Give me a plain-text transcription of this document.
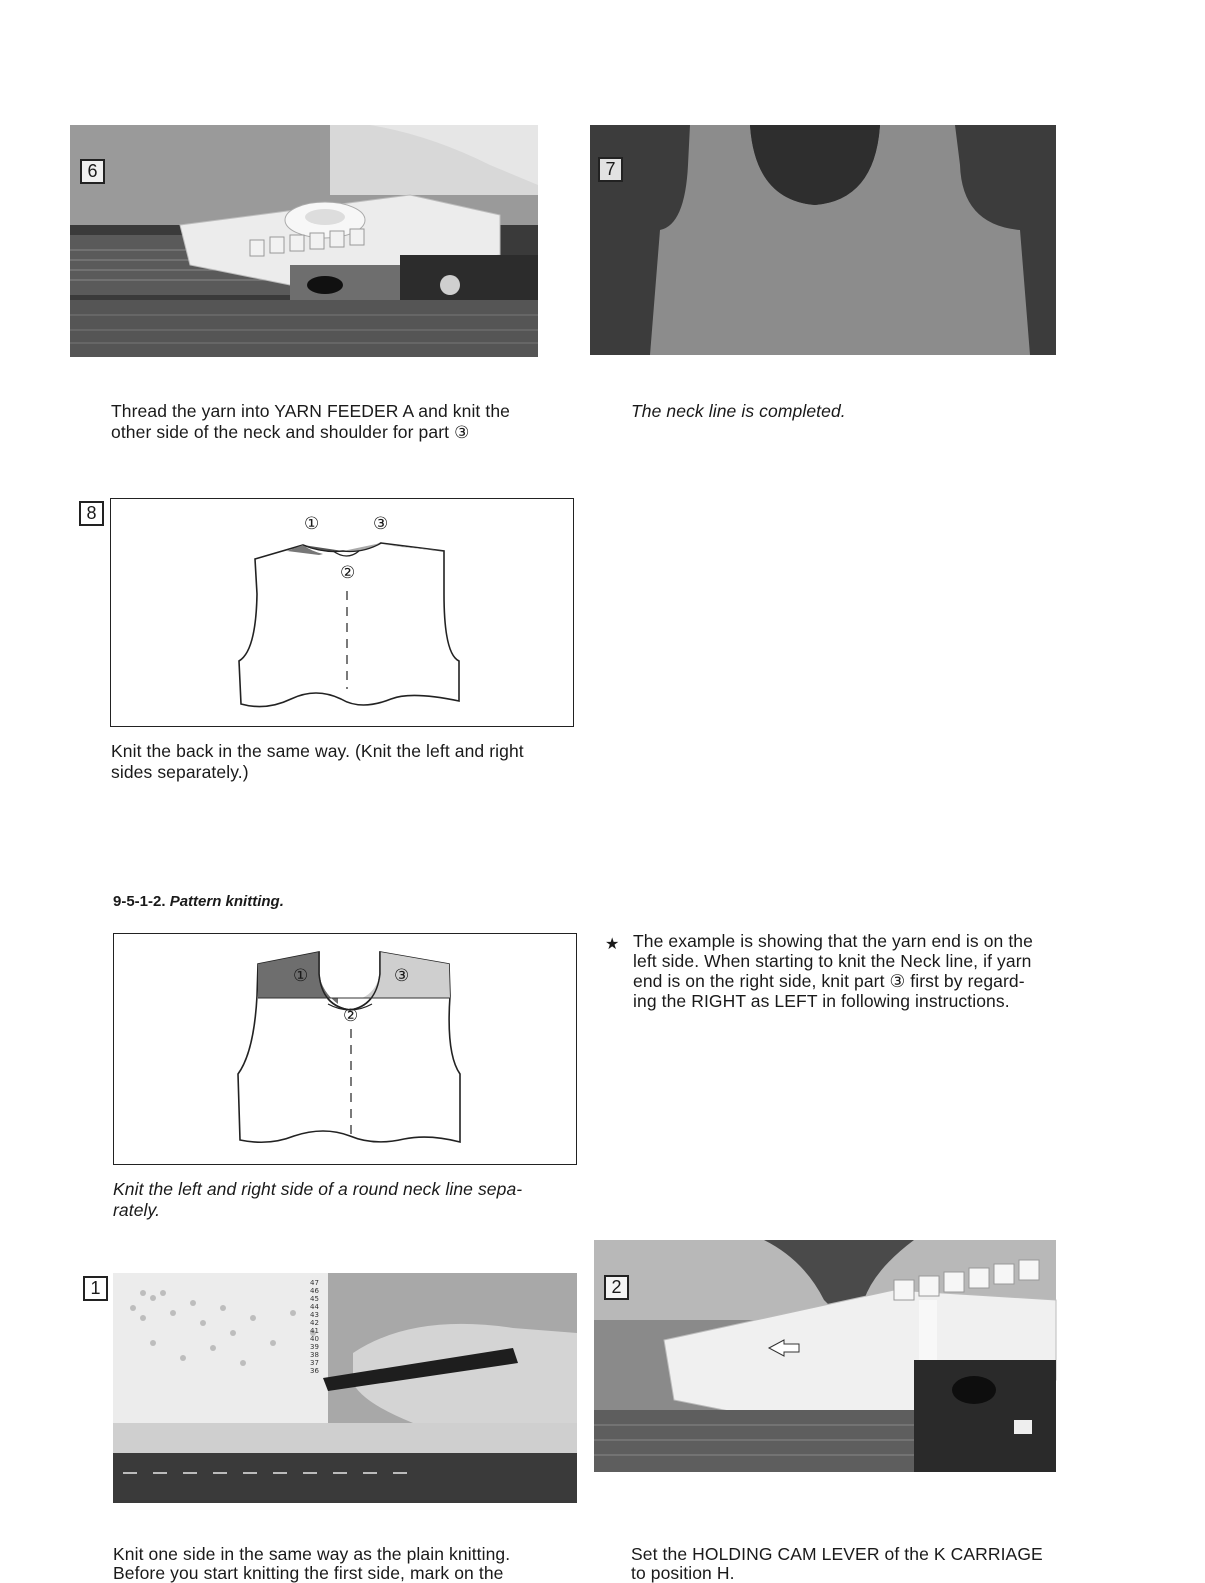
6	7
Thread the yarn into YARN FEEDER A and knit the
other side of the neck and shoulder for part ③
The neck line is completed.
8
①	③
②
Knit the back in the same way. (Knit the left and right
sides separately.)
9-5-1-2. Pattern knitting.
①	③
②
Knit the left and right side of a round neck line sepa-
rately.
★ The example is showing that the yarn end is on the
left side. When starting to knit the Neck line, if yarn
end is on the right side, knit part ③ first by regard-
ing the RIGHT as LEFT in following instructions.
1	47
46
45
44
43
42
41
40
39
38
37
36
2
Knit one side in the same way as the plain knitting.
Before you start knitting the first side, mark on the
Set the HOLDING CAM LEVER of the K CARRIAGE
to position H.
